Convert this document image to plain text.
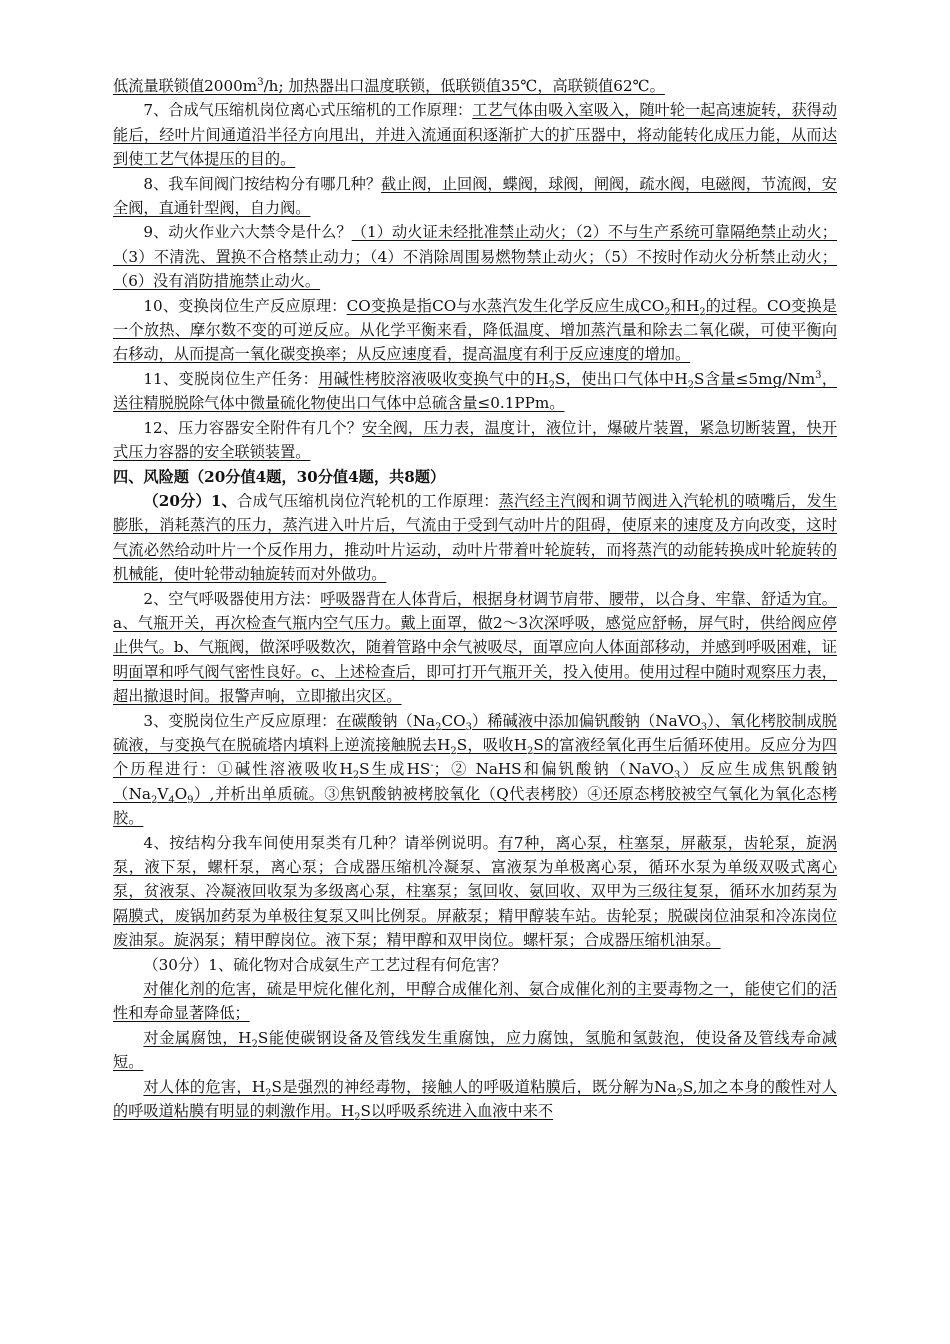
低流量联锁值$2000m^3/h$; 加热器出口温度联锁，低联锁值35℃，高联锁值62℃。

7、合成气压缩机岗位离心式压缩机的工作原理：工艺气体由吸入室吸入，随叶轮一起高速旋转，获得动能后，经叶片间通道沿半径方向甩出，并进入流通面积逐渐扩大的扩压器中，将动能转化成压力能，从而达到使工艺气体提压的目的。

8、我车间阀门按结构分有哪几种？截止阀，止回阀，蝶阀，球阀，闸阀，疏水阀，电磁阀，节流阀，安全阀，直通针型阀，自力阀。

9、动火作业六大禁令是什么？（1）动火证未经批准禁止动火；（2）不与生产系统可靠隔绝禁止动火；（3）不清洗、置换不合格禁止动力；（4）不消除周围易燃物禁止动火；（5）不按时作动火分析禁止动火；（6）没有消防措施禁止动火。

10、变换岗位生产反应原理：CO变换是指CO与水蒸汽发生化学反应生成$CO_2$和$H_2$的过程。CO变换是一个放热、摩尔数不变的可逆反应。从化学平衡来看，降低温度、增加蒸汽量和除去二氧化碳，可使平衡向右移动，从而提高一氧化碳变换率；从反应速度看，提高温度有利于反应速度的增加。

11、变脱岗位生产任务：用碱性栲胶溶液吸收变换气中的$H_2S$，使出口气体中$H_2S$含量$\le 5mg/Nm^3$，送往精脱脱除气体中微量硫化物使出口气体中总硫含量≤0.1PPm。

12、压力容器安全附件有几个？安全阀，压力表，温度计，液位计，爆破片装置，紧急切断装置，快开式压力容器的安全联锁装置。

四、风险题（20分值4题，30分值4题，共8题）

（20分）1、合成气压缩机岗位汽轮机的工作原理：蒸汽经主汽阀和调节阀进入汽轮机的喷嘴后，发生膨胀，消耗蒸汽的压力，蒸汽进入叶片后，气流由于受到气动叶片的阻碍，使原来的速度及方向改变，这时气流必然给动叶片一个反作用力，推动叶片运动，动叶片带着叶轮旋转，而将蒸汽的动能转换成叶轮旋转的机械能，使叶轮带动轴旋转而对外做功。

2、空气呼吸器使用方法：呼吸器背在人体背后，根据身材调节肩带、腰带，以合身、牢靠、舒适为宜。a、气瓶开关，再次检查气瓶内空气压力。戴上面罩，做2～3次深呼吸，感觉应舒畅，屏气时，供给阀应停止供气。b、气瓶阀，做深呼吸数次，随着管路中余气被吸尽，面罩应向人体面部移动，并感到呼吸困难，证明面罩和呼气阀气密性良好。c、上述检查后，即可打开气瓶开关，投入使用。使用过程中随时观察压力表，超出撤退时间。报警声响，立即撤出灾区。

3、变脱岗位生产反应原理：在碳酸钠$(Na_2CO_3)$稀碱液中添加偏钒酸钠（NaVO$_3$）、氧化栲胶制成脱硫液，与变换气在脱硫塔内填料上逆流接触脱去$H_2S$，吸收$H_2S$的富液经氧化再生后循环使用。反应分为四个历程进行：①碱性溶液吸收$H_2S$生成HS-；② NaHS和偏钒酸钠（NaVO$_3$）反应生成焦钒酸钠$(Na_2V_4O_9)$,并析出单质硫。③焦钒酸钠被栲胶氧化（Q代表栲胶）④还原态栲胶被空气氧化为氧化态栲胶。

4、按结构分我车间使用泵类有几种？请举例说明。有7种，离心泵，柱塞泵，屏蔽泵，齿轮泵，旋涡泵，液下泵，螺杆泵，离心泵；合成器压缩机冷凝泵、富液泵为单极离心泵，循环水泵为单级双吸式离心泵，贫液泵、冷凝液回收泵为多级离心泵，柱塞泵；氢回收、氨回收、双甲为三级往复泵，循环水加药泵为隔膜式，废锅加药泵为单极往复泵又叫比例泵。屏蔽泵；精甲醇装车站。齿轮泵；脱碳岗位油泵和冷冻岗位废油泵。旋涡泵；精甲醇岗位。液下泵；精甲醇和双甲岗位。螺杆泵；合成器压缩机油泵。

（30分）1、硫化物对合成氨生产工艺过程有何危害？

对催化剂的危害，硫是甲烷化催化剂，甲醇合成催化剂、氨合成催化剂的主要毒物之一，能使它们的活性和寿命显著降低；

对金属腐蚀，$H_2S$能使碳钢设备及管线发生重腐蚀，应力腐蚀，氢脆和氢鼓泡，使设备及管线寿命减短。

对人体的危害，$H_2S$是强烈的神经毒物，接触人的呼吸道粘膜后，既分解为$Na_2S$,加之本身的酸性对人的呼吸道粘膜有明显的刺激作用。$H_2S$以呼吸系统进入血液中来不
